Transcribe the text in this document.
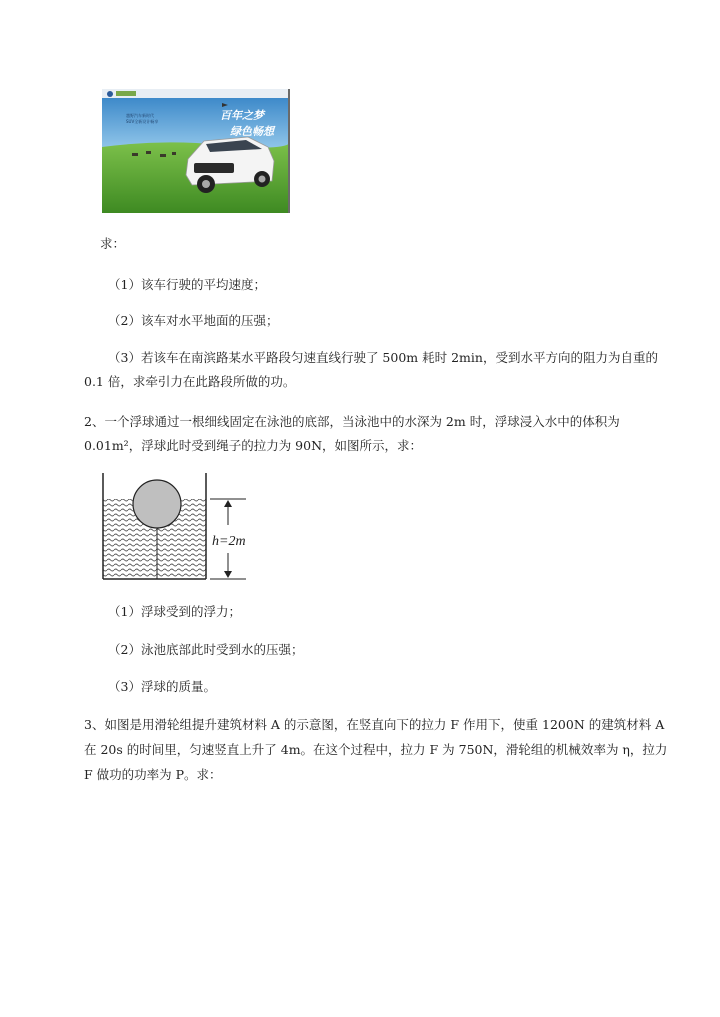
百年之梦
绿色畅想
越野汽车新时代
SUV全新设计畅享
求：
（1）该车行驶的平均速度；
（2）该车对水平地面的压强；
（3）若该车在南滨路某水平路段匀速直线行驶了 500m 耗时 2min，受到水平方向的阻力为自重的
0.1 倍，求牵引力在此路段所做的功。
2、一个浮球通过一根细线固定在泳池的底部，当泳池中的水深为 2m 时，浮球浸入水中的体积为
0.01m²，浮球此时受到绳子的拉力为 90N，如图所示，求：
h=2m
（1）浮球受到的浮力；
（2）泳池底部此时受到水的压强；
（3）浮球的质量。
3、如图是用滑轮组提升建筑材料 A 的示意图，在竖直向下的拉力 F 作用下，使重 1200N 的建筑材料 A
在 20s 的时间里，匀速竖直上升了 4m。在这个过程中，拉力 F 为 750N，滑轮组的机械效率为 η，拉力
F 做功的功率为 P。求：
